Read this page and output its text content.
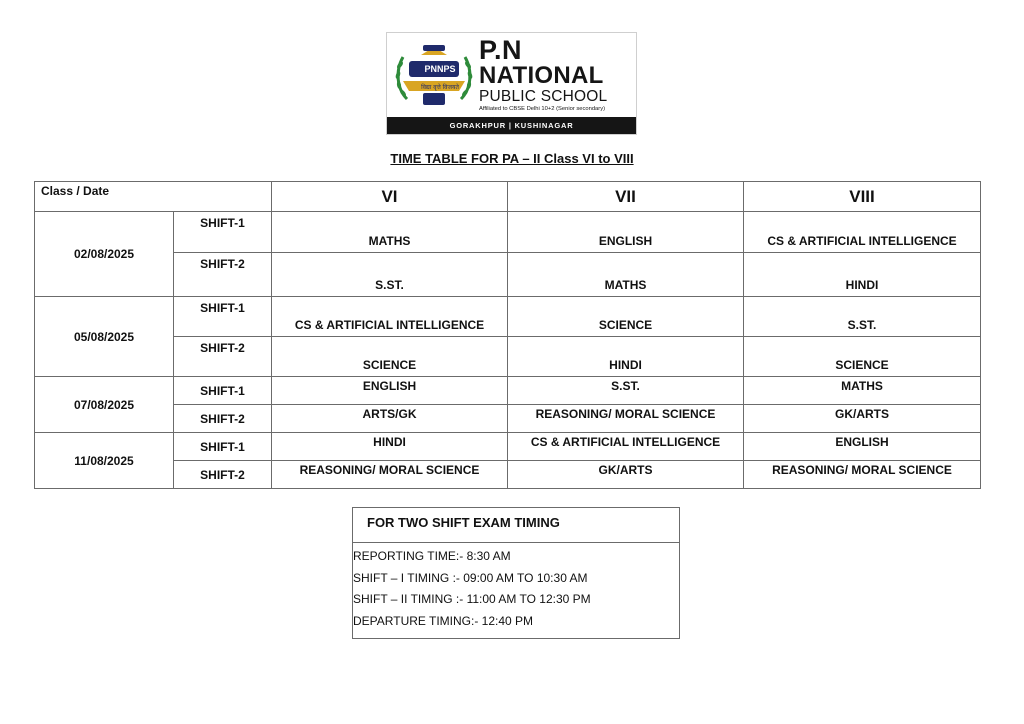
PNNPS
विद्या वृत्ते विजयते
P.N
NATIONAL
PUBLIC SCHOOL
Affiliated to CBSE Delhi 10+2 (Senior secondary)
GORAKHPUR | KUSHINAGAR
TIME TABLE FOR PA – II Class VI to VIII
Class / Date		VI	VII	VIII
02/08/2025	SHIFT-1	MATHS	ENGLISH	CS & ARTIFICIAL INTELLIGENCE
	SHIFT-2	S.ST.	MATHS	HINDI
05/08/2025	SHIFT-1	CS & ARTIFICIAL INTELLIGENCE	SCIENCE	S.ST.
	SHIFT-2	SCIENCE	HINDI	SCIENCE
07/08/2025	SHIFT-1	ENGLISH	S.ST.	MATHS
	SHIFT-2	ARTS/GK	REASONING/ MORAL SCIENCE	GK/ARTS
11/08/2025	SHIFT-1	HINDI	CS & ARTIFICIAL INTELLIGENCE	ENGLISH
	SHIFT-2	REASONING/ MORAL SCIENCE	GK/ARTS	REASONING/ MORAL SCIENCE
FOR TWO SHIFT EXAM TIMING
REPORTING TIME:- 8:30 AM
SHIFT – I TIMING :- 09:00 AM TO 10:30 AM
SHIFT – II TIMING :- 11:00 AM TO 12:30 PM
DEPARTURE TIMING:- 12:40 PM
